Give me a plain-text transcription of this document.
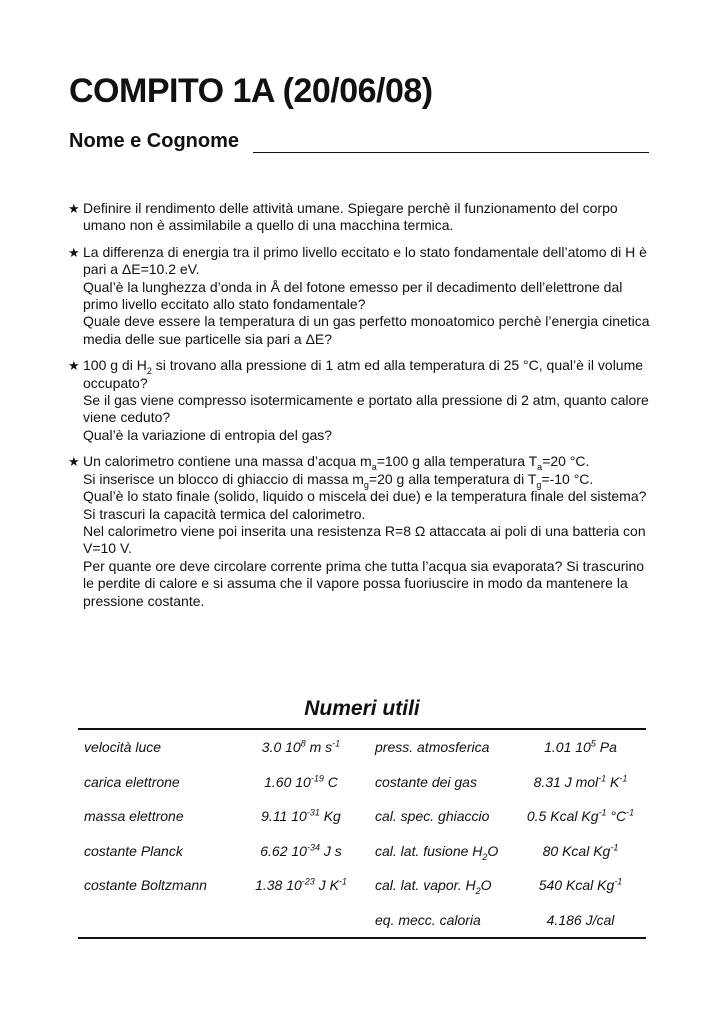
COMPITO 1A (20/06/08)
Nome e Cognome
★ Definire il rendimento delle attività umane. Spiegare perchè il funzionamento del corpo umano non è assimilabile a quello di una macchina termica.
★ La differenza di energia tra il primo livello eccitato e lo stato fondamentale dell’atomo di H è pari a ΔE=10.2 eV.
Qual’è la lunghezza d’onda in Å del fotone emesso per il decadimento dell’elettrone dal primo livello eccitato allo stato fondamentale?
Quale deve essere la temperatura di un gas perfetto monoatomico perchè l’energia cinetica media delle sue particelle sia pari a ΔE?
★ 100 g di $H_2$ si trovano alla pressione di 1 atm ed alla temperatura di 25 °C, qual’è il volume occupato?
Se il gas viene compresso isotermicamente e portato alla pressione di 2 atm, quanto calore viene ceduto?
Qual’è la variazione di entropia del gas?
★ Un calorimetro contiene una massa d’acqua $m_a=100$ g alla temperatura $T_a=20$ °C.
Si inserisce un blocco di ghiaccio di massa $m_g=20$ g alla temperatura di $T_g=-10$ °C.
Qual’è lo stato finale (solido, liquido o miscela dei due) e la temperatura finale del sistema? Si trascuri la capacità termica del calorimetro.
Nel calorimetro viene poi inserita una resistenza R=8 Ω attaccata ai poli di una batteria con V=10 V.
Per quante ore deve circolare corrente prima che tutta l’acqua sia evaporata? Si trascurino le perdite di calore e si assuma che il vapore possa fuoriuscire in modo da mantenere la pressione costante.
Numeri utili
velocità luce	3.0 $10^8$ m $s^{-1}$	press. atmosferica	1.01 $10^5$ Pa
carica elettrone	1.60 $10^{-19}$ C	costante dei gas	8.31 J mol$^{-1}$ $K^{-1}$
massa elettrone	9.11 $10^{-31}$ Kg	cal. spec. ghiaccio	0.5 Kcal $Kg^{-1}$ $^\circ C^{-1}$
costante Planck	6.62 $10^{-34}$ J s	cal. lat. fusione $H_2O$	80 Kcal $Kg^{-1}$
costante Boltzmann	1.38 $10^{-23}$ J $K^{-1}$	cal. lat. vapor. $H_2O$	540 Kcal $Kg^{-1}$
		eq. mecc. caloria	4.186 J/cal
